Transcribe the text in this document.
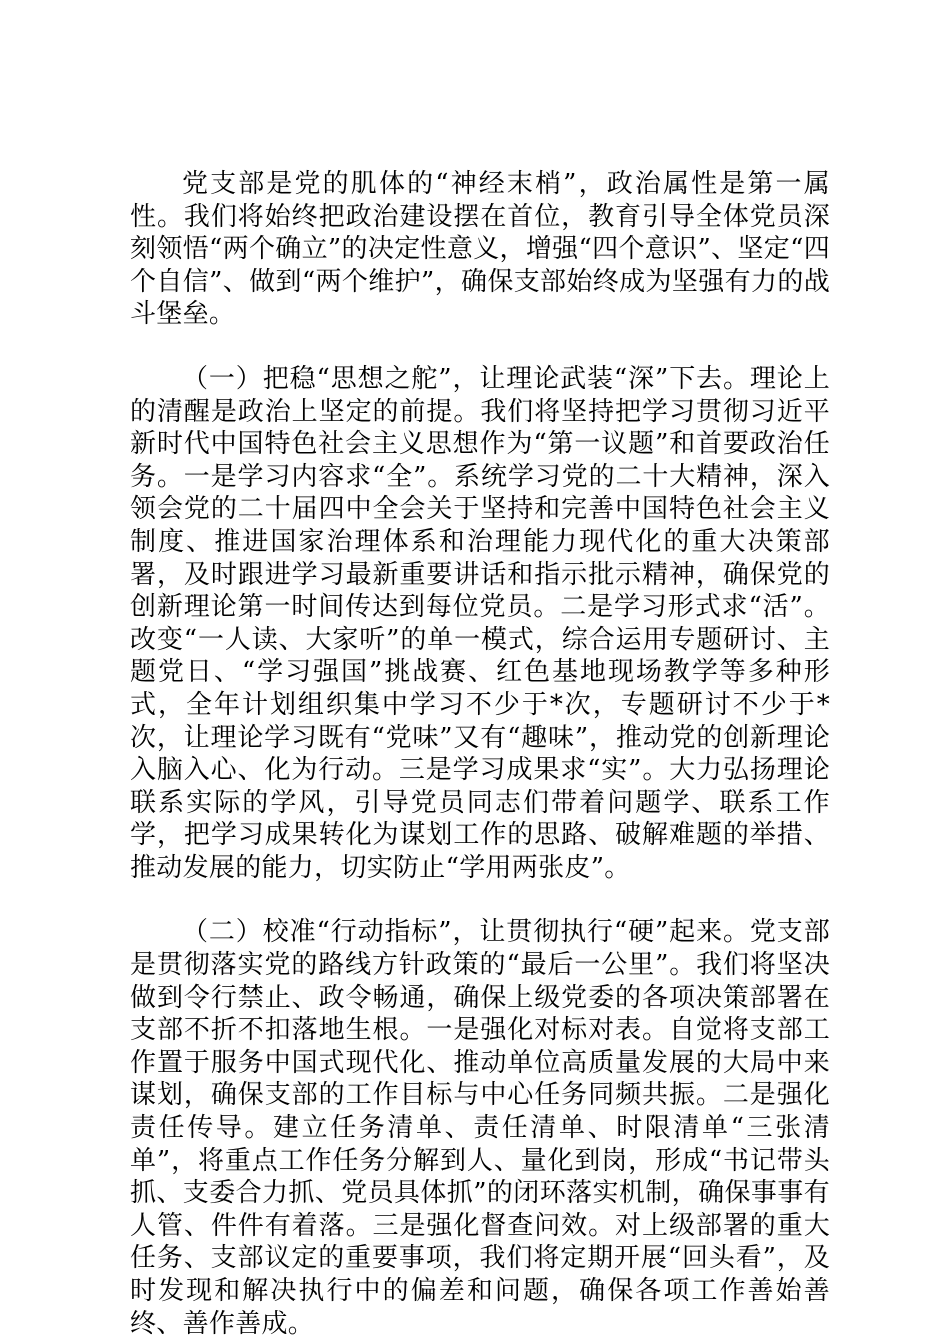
党支部是党的肌体的“神经末梢”，政治属性是第一属性。我们将始终把政治建设摆在首位，教育引导全体党员深刻领悟“两个确立”的决定性意义，增强“四个意识”、坚定“四个自信”、做到“两个维护”，确保支部始终成为坚强有力的战斗堡垒。

（一）把稳“思想之舵”，让理论武装“深”下去。理论上的清醒是政治上坚定的前提。我们将坚持把学习贯彻习近平新时代中国特色社会主义思想作为“第一议题”和首要政治任务。一是学习内容求“全”。系统学习党的二十大精神，深入领会党的二十届四中全会关于坚持和完善中国特色社会主义制度、推进国家治理体系和治理能力现代化的重大决策部署，及时跟进学习最新重要讲话和指示批示精神，确保党的创新理论第一时间传达到每位党员。二是学习形式求“活”。改变“一人读、大家听”的单一模式，综合运用专题研讨、主题党日、“学习强国”挑战赛、红色基地现场教学等多种形式，全年计划组织集中学习不少于*次，专题研讨不少于*次，让理论学习既有“党味”又有“趣味”，推动党的创新理论入脑入心、化为行动。三是学习成果求“实”。大力弘扬理论联系实际的学风，引导党员同志们带着问题学、联系工作学，把学习成果转化为谋划工作的思路、破解难题的举措、推动发展的能力，切实防止“学用两张皮”。

（二）校准“行动指标”，让贯彻执行“硬”起来。党支部是贯彻落实党的路线方针政策的“最后一公里”。我们将坚决做到令行禁止、政令畅通，确保上级党委的各项决策部署在支部不折不扣落地生根。一是强化对标对表。自觉将支部工作置于服务中国式现代化、推动单位高质量发展的大局中来谋划，确保支部的工作目标与中心任务同频共振。二是强化责任传导。建立任务清单、责任清单、时限清单“三张清单”，将重点工作任务分解到人、量化到岗，形成“书记带头抓、支委合力抓、党员具体抓”的闭环落实机制，确保事事有人管、件件有着落。三是强化督查问效。对上级部署的重大任务、支部议定的重要事项，我们将定期开展“回头看”，及时发现和解决执行中的偏差和问题，确保各项工作善始善终、善作善成。
